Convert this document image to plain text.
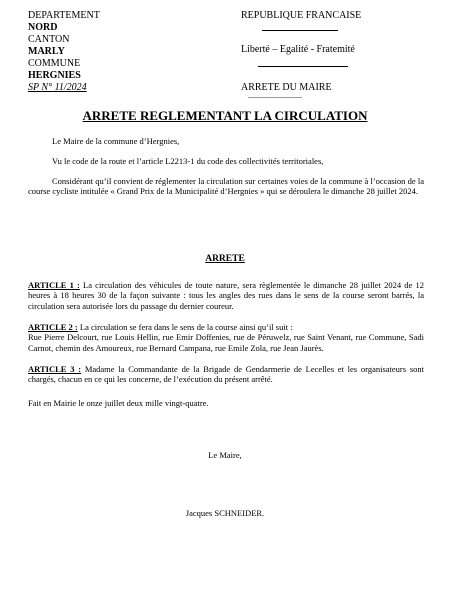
DEPARTEMENT
NORD
CANTON
MARLY
COMMUNE
HERGNIES
SP N° 11/2024
REPUBLIQUE FRANCAISE
Liberté – Egalité - Fratemité
ARRETE DU MAIRE
ARRETE REGLEMENTANT LA CIRCULATION

Le Maire de la commune d’Hergnies,

Vu le code de la route et l’article L2213-1 du code des collectivités territoriales,

Considérant qu’il convient de réglementer la circulation sur certaines voies de la commune à l’occasion de la course cycliste intitulée « Grand Prix de la Municipalité d’Hergnies » qui se déroulera le dimanche 28 juillet 2024.

ARRETE

ARTICLE 1 : La circulation des véhicules de toute nature, sera règlementée le dimanche 28 juillet 2024 de 12 heures à 18 heures 30 de la façon suivante : tous les angles des rues dans le sens de la course seront barrés, la circulation sera autorisée lors du passage du dernier coureur.

ARTICLE 2 : La circulation se fera dans le sens de la course ainsi qu’il suit :

Rue Pierre Delcourt, rue Louis Hellin, rue Emir Doffenies, rue de Péruwelz, rue Saint Venant, rue Commune, Sadi Carnot, chemin des Amoureux, rue Bernard Campana, rue Emile Zola, rue Jean Jaurès.

ARTICLE 3 : Madame la Commandante de la Brigade de Gendarmerie de Lecelles et les organisateurs sont chargés, chacun en ce qui les concerne, de l’exécution du présent arrêté.

Fait en Mairie le onze juillet deux mille vingt-quatre.

Le Maire,
Jacques SCHNEIDER.
